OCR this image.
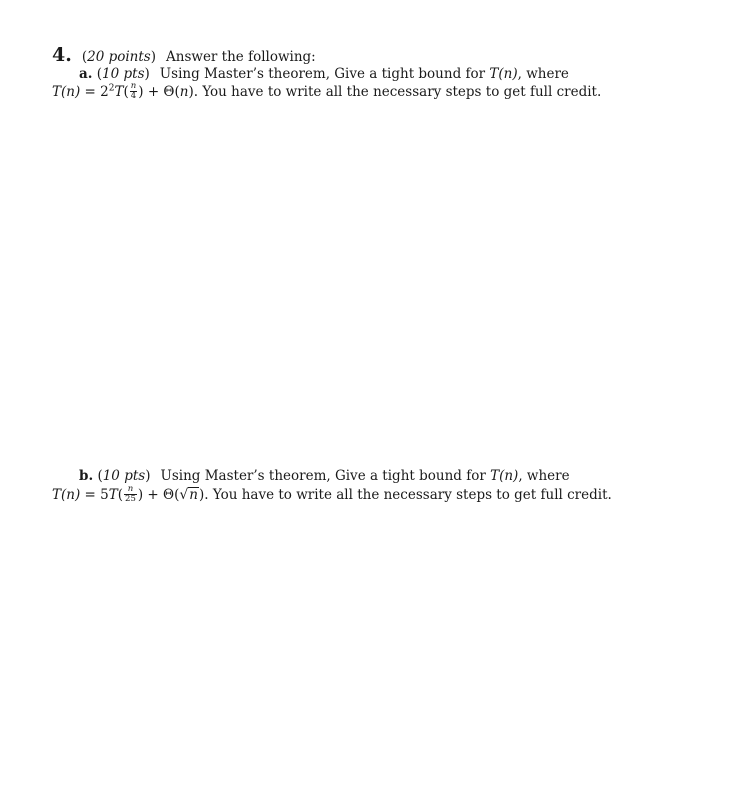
4. (20 points) Answer the following:
a. (10 pts) Using Master’s theorem, Give a tight bound for T(n), where
$T(n) = 2^2T( \frac{n}{4}$ ) + Θ(n). You have to write all the necessary steps to get full credit.
b. (10 pts) Using Master’s theorem, Give a tight bound for T(n), where
$T(n) = 5T( \frac{n}{25}$ ) + Θ(√n). You have to write all the necessary steps to get full credit.
